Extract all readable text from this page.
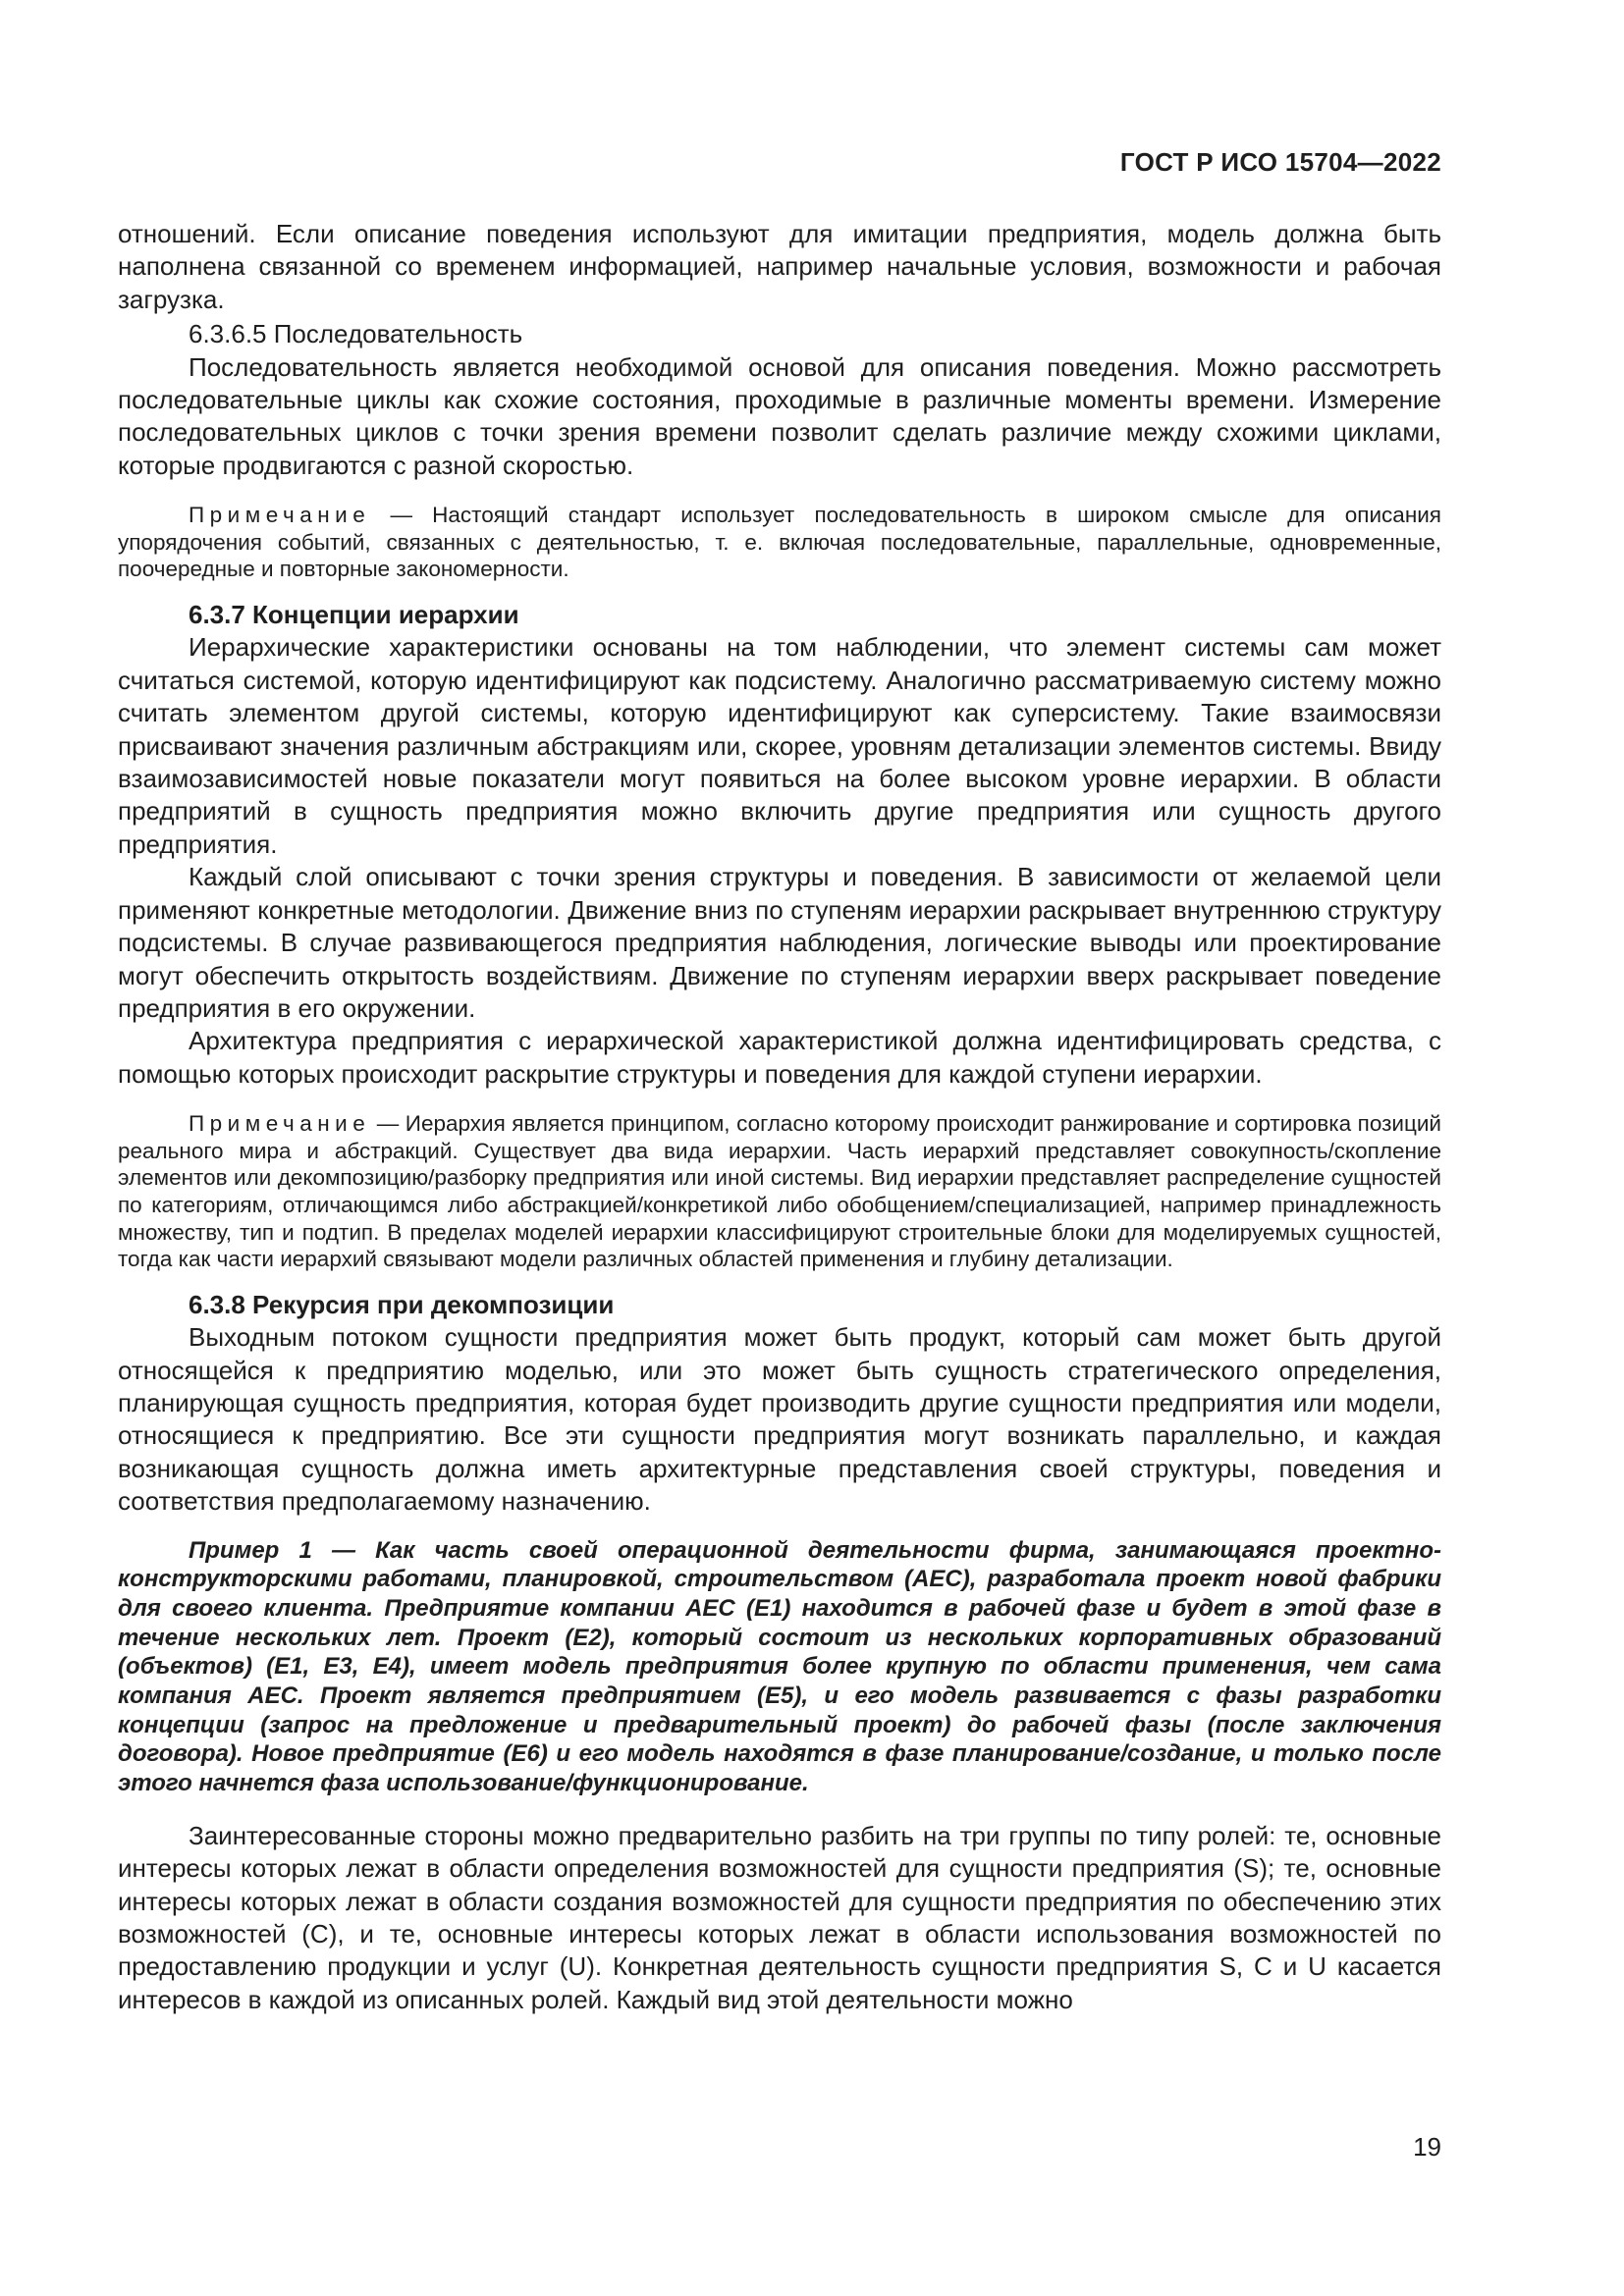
ГОСТ Р ИСО 15704—2022

отношений. Если описание поведения используют для имитации предприятия, модель должна быть наполнена связанной со временем информацией, например начальные условия, возможности и рабочая загрузка.

6.3.6.5 Последовательность

Последовательность является необходимой основой для описания поведения. Можно рассмотреть последовательные циклы как схожие состояния, проходимые в различные моменты времени. Измерение последовательных циклов с точки зрения времени позволит сделать различие между схожими циклами, которые продвигаются с разной скоростью.

Примечание — Настоящий стандарт использует последовательность в широком смысле для описания упорядочения событий, связанных с деятельностью, т. е. включая последовательные, параллельные, одновременные, поочередные и повторные закономерности.

6.3.7 Концепции иерархии

Иерархические характеристики основаны на том наблюдении, что элемент системы сам может считаться системой, которую идентифицируют как подсистему. Аналогично рассматриваемую систему можно считать элементом другой системы, которую идентифицируют как суперсистему. Такие взаимосвязи присваивают значения различным абстракциям или, скорее, уровням детализации элементов системы. Ввиду взаимозависимостей новые показатели могут появиться на более высоком уровне иерархии. В области предприятий в сущность предприятия можно включить другие предприятия или сущность другого предприятия.

Каждый слой описывают с точки зрения структуры и поведения. В зависимости от желаемой цели применяют конкретные методологии. Движение вниз по ступеням иерархии раскрывает внутреннюю структуру подсистемы. В случае развивающегося предприятия наблюдения, логические выводы или проектирование могут обеспечить открытость воздействиям. Движение по ступеням иерархии вверх раскрывает поведение предприятия в его окружении.

Архитектура предприятия с иерархической характеристикой должна идентифицировать средства, с помощью которых происходит раскрытие структуры и поведения для каждой ступени иерархии.

Примечание — Иерархия является принципом, согласно которому происходит ранжирование и сортировка позиций реального мира и абстракций. Существует два вида иерархии. Часть иерархий представляет совокупность/скопление элементов или декомпозицию/разборку предприятия или иной системы. Вид иерархии представляет распределение сущностей по категориям, отличающимся либо абстракцией/конкретикой либо обобщением/специализацией, например принадлежность множеству, тип и подтип. В пределах моделей иерархии классифицируют строительные блоки для моделируемых сущностей, тогда как части иерархий связывают модели различных областей применения и глубину детализации.

6.3.8 Рекурсия при декомпозиции

Выходным потоком сущности предприятия может быть продукт, который сам может быть другой относящейся к предприятию моделью, или это может быть сущность стратегического определения, планирующая сущность предприятия, которая будет производить другие сущности предприятия или модели, относящиеся к предприятию. Все эти сущности предприятия могут возникать параллельно, и каждая возникающая сущность должна иметь архитектурные представления своей структуры, поведения и соответствия предполагаемому назначению.

Пример 1 — Как часть своей операционной деятельности фирма, занимающаяся проектно-конструкторскими работами, планировкой, строительством (AEC), разработала проект новой фабрики для своего клиента. Предприятие компании AEC (E1) находится в рабочей фазе и будет в этой фазе в течение нескольких лет. Проект (E2), который состоит из нескольких корпоративных образований (объектов) (E1, E3, E4), имеет модель предприятия более крупную по области применения, чем сама компания AEC. Проект является предприятием (E5), и его модель развивается с фазы разработки концепции (запрос на предложение и предварительный проект) до рабочей фазы (после заключения договора). Новое предприятие (E6) и его модель находятся в фазе планирование/создание, и только после этого начнется фаза использование/функционирование.

Заинтересованные стороны можно предварительно разбить на три группы по типу ролей: те, основные интересы которых лежат в области определения возможностей для сущности предприятия (S); те, основные интересы которых лежат в области создания возможностей для сущности предприятия по обеспечению этих возможностей (C), и те, основные интересы которых лежат в области использования возможностей по предоставлению продукции и услуг (U). Конкретная деятельность сущности предприятия S, C и U касается интересов в каждой из описанных ролей. Каждый вид этой деятельности можно

19
